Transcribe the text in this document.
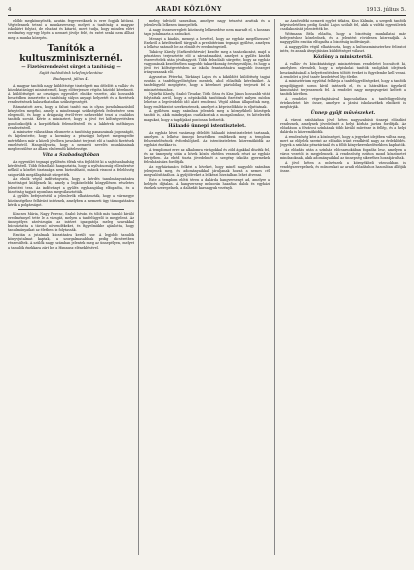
4	ARADI KÖZLÖNY	1913. július 5.

előbb megkönnyítsék, azután fegyvereiknek is erre fogják kitűzni. Végtelennek tetszó a munkaverseny, melyet a tanítóság a magyar iskoláért folytat, de elszánt és kitartó, mert tudja, hogy minden elért eredmény egy-egy lépés a nemzet jövője felé, és ezért senki nem állhat meg a munka közepén.

Tanítók a kultuszminiszternél.
— Fizetésrendezést sürget a tanítóság —
Saját tudósítónk telefonjelentése
Budapest, július 4.

A magyar tanítók nagy küldöttsége tisztelgett ma délelőtt a vallás- és közoktatásügyi miniszternél, hogy előterjessze régóta húzódó kérelmeit. A küldöttséget az országos egyesület elnöke vezette, aki hosszabb beszédben ismertette a tanítóság súlyos anyagi helyzetét és a fizetések rendezésének halaszthatatlan szükségességét.

Rámutatott arra, hogy a falusi tanító ma is olyan javadalmazásból kénytelen megélni, amely a mindennapi szükségletek fedezésére sem elegendő, és hogy a drágaság évről-évre nehezebbé teszi a családos tanítók sorsát. Kérte a minisztert, hogy a jövő évi költségvetésben gondoskodjék a korpótlékok felemeléséről és a lakbérek méltányos rendezéséről.

A miniszter válaszában elismerte a tanítóság panaszainak jogosságát, és kijelentette, hogy a kormány a pénzügyi helyzet megengedte mértékben már a közeli jövőben javaslatot terjeszt elő a tanítói fizetések emeléséről. Hangsúlyozta, hogy a nemzeti nevelés munkásainak megbecsülése az állam elsőrendű kötelessége.

Vita a Szabadsajtóban

Az egyesület tegnapi gyűlésén élénk vita fejlődött ki a sajtószabadság kérdéséről. Több felszólaló hangoztatta, hogy a nyilvánosság ellenőrzése nélkül a közélet tisztasága nem biztosítható, mások viszont a felelősség szigorúbb megállapítását sürgették.

Az elnök végül indítványozta, hogy a kérdés tanulmányozására bizottságot küldjenek ki, amely a legközelebbi közgyűlésen részletes jelentést tesz. Az indítványt a gyűlés egyhangúlag elfogadta, és a bizottság tagjait nyomban megválasztották.

A gyűlés befejezéséül a jelenlevők elhatározták, hogy a vármegye közönségéhez felhívást intéznek, amelyben a nemzeti ügy támogatására kérik a polgárságot.

Kincses Mária, Nagy Ferenc, Szabó István és több más tanuló kiváló eredménnyel tette le a vizsgát, melyen a tanfelügyelő is megjelent. Az ünnepélyes záróvizsgán az intézet igazgatója meleg szavakkal búcsúztatta a távozó növendékeket, és figyelmükbe ajánlotta, hogy tanulmányaikat az életben is folytassák.

Ezután a jutalmak kiosztására került sor. A legjobb tanulók könyvjutalmat kaptak, a szorgalmasabbak pedig dicséretben részesültek. A szülők nagy számban jelentek meg az ünnepélyen, melyet a tanulók énekkara zárt be a Himnusz eléneklésével.

meleg üdvözlő szavaiban, amelyre nagy tetszést arattak és a jelenlevők lelkesen ünnepelték.

A nagy összesereglett közönség lelkesedése nem maradt el, s hosszas taps jutalmazta a szónokot.

Mennyi a kiadás, mennyi a bevétel, hogy az egyház megélhessen? Ezekről a kérdésekről tárgyalt a presbitérium tegnapi gyűlése, amelyen a lelkész számolt be az elmúlt év eredményeiről.

Takácsy Károly (Székesfehérvár) kezdte meg a tanácskozást, majd a pénztáros terjesztette elő a zárszámadást, amelyet a gyűlés kisebb észrevételek után jóváhagyott. Több felszólaló sürgette, hogy az egyház vagyonának kezelésében nagyobb takarékosság érvényesüljön, és hogy a jövő évi költségvetésben az iskola fenntartására nagyobb összeget irányozzanak elő.

Agyusztus Péterfai, Tárkányi Lajos és a kiküldött küldöttség tagjai ezután a tanfelügyelőséghez mentek, ahol előadták kérelmüket. A tanfelügyelő megígérte, hogy a kérelmet pártolólag terjeszti fel a minisztériumhoz.

Nyárfái Károly, Szabó Tivadar, Tóth Géza és Kiss János hosszabb vitát folytattak arról, hogy a népiskolák tanítóinak fizetését milyen módon lehetne a legrövidebb idő alatt rendezni. Végül abban állapodtak meg, hogy emlékiratot szerkesztenek, amelyet a képviselőkhöz is eljuttatnak.

A gyűlésen nagy számban jelentek meg a környékbeli községek tanítói is, akik mindnyájan csatlakoztak a mozgalomhoz, és kötelezték magukat, hogy a tagdíjakat pontosan befizetik.

Hálaadó ünnepi istentisztelet.

Az egyház hívei vasárnap délelőtt hálaadó istentiszteletet tartanak, amelyen a lelkész ünnepi beszédben emlékezik meg a templom felszentelésének évfordulójáról. Az istentiszteleten közreműködik az egyházi énekkar is.

A templomot erre az alkalomra virágokkal és zöld ágakkal díszítik fel, és az ünnepség után a hívek közös ebéden vesznek részt az egyház kertjében. Az ebéd tiszta jövedelmét a szegény iskolás gyermekek felruházására fordítják.

Az egyháztanács felkéri a híveket, hogy minél nagyobb számban jelenjenek meg, és adományaikkal járuljanak hozzá a nemes cél megvalósításához. A gyűjtőíveket a lelkészi hivatalban lehet átvenni.

Este a templom előtti téren a dalárda hangversenyt ad, amelyre a belépés díjtalan. A hangverseny műsorán hazafias dalok és egyházi énekek szerepelnek, a dalárdát karnagyuk vezényli.

az Aradvidéki nemzeti egylet titkára, Kiss Kálmán, a szegedi tanítók képviseletében pedig Szabó Lajos szólalt fel, akik a vidéki egyesületek csatlakozását jelentették be.

Wittmann Béla előadta, hogy a bizottság munkálatai már befejezéshez közelednek, és a jelentést rövidesen közreadják. A nagygyűlés ezután elfogadta a bizottság indítványát.

A nagygyűlés végül elhatározta, hogy a kultuszminiszterhez feliratot intéz, és annak átnyújtására küldöttséget választ.

Közlöny a minisztertől.

A vallás- és közoktatásügyi minisztérium rendeletet bocsátott ki, amelyben elrendeli, hogy a népiskolai tanítók szolgálati idejének beszámításánál a helyettesítésben töltött éveket is figyelembe kell venni. A rendelet a jövő tanév kezdetével lép életbe.

A minisztérium egyúttal felhívja a tanfelügyelőségeket, hogy a tanítók nyugdíjügyeit soron kívül intézzék el, és a hátralékos ügyekről kimutatást terjesszenek fel. A rendelet nagy megnyugvást keltett a tanítók körében.

A rendelet végrehajtásával kapcsolatban a tanfelügyelőség értekezletet hív össze, amelyre a járási iskolaszékek elnökeit is meghívják.

Ünnep gyűjt művészeket.

A városi színházban jövő héten nagyszabású ünnepi előadást rendeznek, amelynek jövedelmét a helyi kórház javára fordítják. Az előadáson a fővárosi színházak több kiváló művésze is fellép, és a helyi dalárda is közreműködik.

A rendezőség kéri a közönséget, hogy a jegyeket idejében váltsa meg, mert az előjelek szerint az előadás iránt rendkívül nagy az érdeklődés. Jegyek a színház pénztáránál és a főbb könyvkereskedésekben kaphatók.

Az előadás után a színház előcsarnokában fogadás lesz, amelyen a város vezetői is megjelennek. A rendezőség ezúton mond köszönetet mindazoknak, akik adományaikkal az ünnepség sikeréhez hozzájárultak.

A jövő héten a művészek a környékbeli városokban is vendégszerepelnek, és műsorukat az aradi előadáshoz hasonlóan állítják össze.
